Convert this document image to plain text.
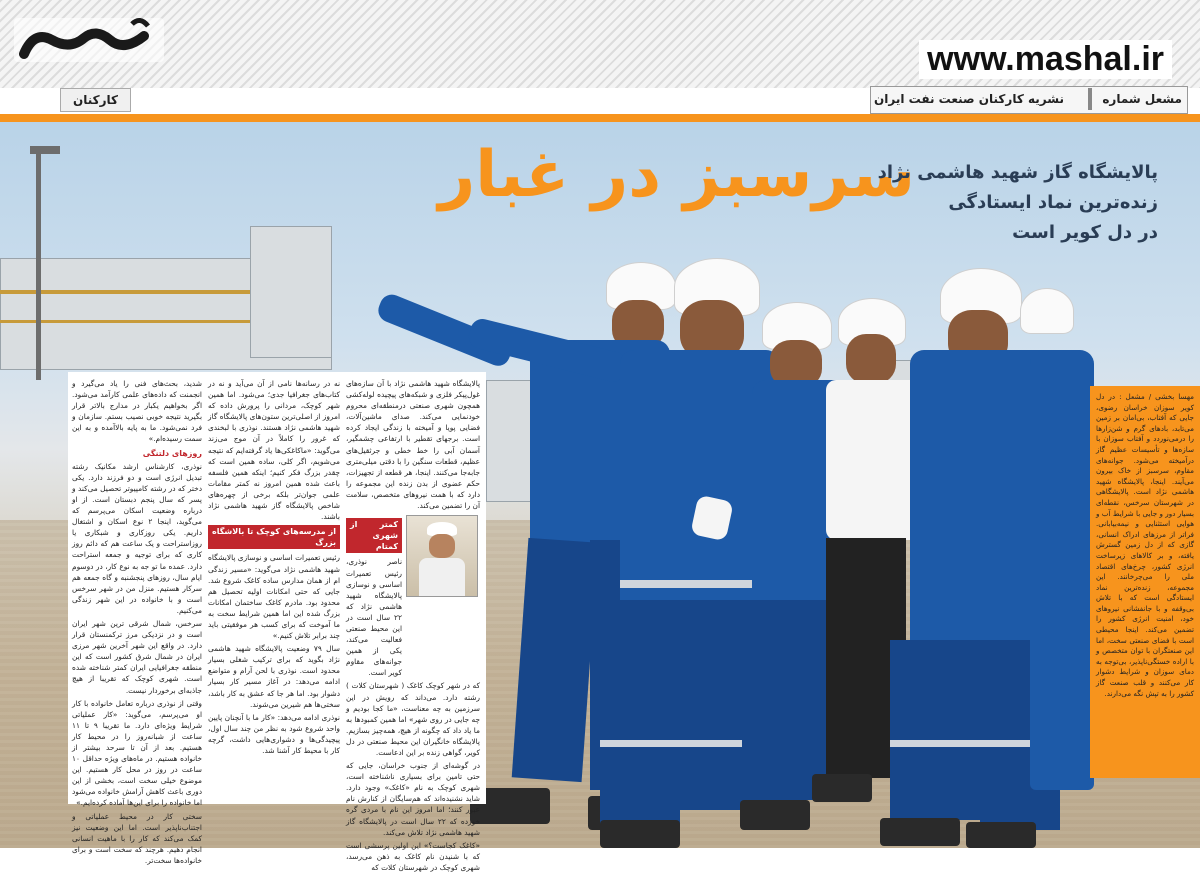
www.mashal.ir
کارکنان	نشریه کارکنان صنعت نفت ایران	مشعل شماره
سرسبز در غبار
پالایشگاه گاز شهید هاشمی نژاد
زنده‌ترین نماد ایستادگی
در دل کویر است

پالایشگاه شهید هاشمی نژاد با آن سازه‌های غول‌پیکر فلزی و شبکه‌های پیچیده لوله‌کشی همچون شهری صنعتی درمنطقه‌ای محروم خودنمایی می‌کند. صدای ماشین‌آلات، فضایی پویا و آمیخته با زندگی ایجاد کرده است. برجهای تقطیر با ارتفاعی چشمگیر، آسمان آبی را خط خطی و جرثقیل‌های عظیم، قطعات سنگین را با دقتی میلی‌متری جابه‌جا می‌کنند. اینجا، هر قطعه از تجهیزات، حکم عضوی از بدن زنده این مجموعه را دارد که با همت نیروهای متخصص، سلامت آن را تضمین می‌کند.

کمتر از شهری کمتام

ناصر نوذری، رئیس تعمیرات اساسی و نوسازی پالایشگاه شهید هاشمی نژاد که ۲۲ سال است در این محیط صنعتی فعالیت می‌کند، یکی از همین جوانه‌های مقاوم کویر است.

که در شهر کوچک کاغک ( شهرستان کلات ) رشته دارد. می‌داند که رویش در این سرزمین به چه معناست، «ما کجا بودیم و چه جایی در روی شهر» اما همین کمبودها به ما یاد داد که چگونه از هیچ، همه‌چیز بسازیم. پالایشگاه خانگیران این محیط صنعتی در دل کویر، گواهی زنده بر این ادعاست.

در گوشه‌ای از جنوب خراسان، جایی که حتی تامین برای بسیاری ناشناخته است، شهری کوچک به نام «کاغک» وجود دارد. شاید نشنیده‌اند که هم‌سایگان از کنارش نام عبور کنند؛ اما امروز این نام با مردی گره خورده که ۲۲ سال است در پالایشگاه گاز شهید هاشمی نژاد تلاش می‌کند.

«کاغک کجاست؟» این اولین پرسشی است که با شنیدن نام کاغک به ذهن می‌رسد، شهری کوچک در شهرستان کلات که

نه در رسانه‌ها نامی از آن می‌آید و نه در کتاب‌های جغرافیا جدی؛ می‌شود. اما همین شهر کوچک، مردانی را پرورش داده که امروز از اصلی‌ترین ستون‌های پالایشگاه گاز شهید هاشمی نژاد هستند. نوذری با لبخندی که غرور را کاملاً در آن موج می‌زند می‌گوید: «ماکاغکی‌ها یاد گرفته‌ایم که نتیجه می‌شویم، اگر کلی، ساده همین است که چقدر بزرگ فکر کنیم؛ اینکه همین فلسفه باعث شده همین امروز نه کمتر مقامات علمی جوان‌تر بلکه برخی از چهره‌های شاخص پالایشگاه گاز شهید هاشمی نژاد باشند.

از مدرسه‌های کوچک تا بالاشگاه بزرگ

رئیس تعمیرات اساسی و نوسازی پالایشگاه شهید هاشمی نژاد می‌گوید: «مسیر زندگی ام از همان مدارس ساده کاغک شروع شد. جایی که حتی امکانات اولیه تحصیل هم محدود بود. مادرم کاغک ساختمان امکانات بزرگ شده این اما همین شرایط سخت به ما آموخت که برای کسب هر موفقیتی باید چند برابر تلاش کنیم.»

سال ۷۹ وضعیت پالایشگاه شهید هاشمی نژاد بگوید که برای ترکیب شغلی بسیار محدود است. نوذری با لحن آرام و متواضع ادامه می‌دهد: در آغاز مسیر کار بسیار دشوار بود. اما هر جا که عشق به کار باشد، سختی‌ها هم شیرین می‌شوند.

نوذری ادامه می‌دهد: «کار ما با آنچنان پایین واحد شروع شود به نظر من چند سال اول، پیچیدگی‌ها و دشواری‌هایی داشت، گرچه کار با محیط کار آشنا شد.

شدید، بحث‌های فنی را یاد می‌گیرد و انجمنت که داده‌های علمی کارآمد می‌شود. اگر بخواهیم یکبار در مدارج بالاتر قرار بگیرید نتیجه خوبی نصیب بستم. سازمان و فرد نمی‌شود. ما به پایه بالاآمده و به این سمت رسیده‌ام.»

روزهای دلتنگی

نوذری، کارشناس ارشد مکانیک رشته تبدیل انرژی است و دو فرزند دارد. یکی دختر که در رشته کامپیوتر تحصیل می‌کند و پسر که سال پنجم دبستان است. از او درباره وضعیت اسکان می‌پرسم که می‌گوید، اینجا ۲ نوع اسکان و اشتغال داریم. یکی روزکاری و شبکاری یا روزاستراحت و یک ساعت هم که دائم روز کاری که برای توجیه و جمعه استراحت دارد. عمده ما تو جه به نوع کار، در دوسوم ایام سال، روزهای پنجشنبه و گاه جمعه هم سرکار هستیم. منزل من در شهر سرخس است و با خانواده در این شهر زندگی می‌کنیم.

سرخس، شمال شرقی ترین شهر ایران است و در نزدیکی مرز ترکمنستان قرار دارد. در واقع این شهر آخرین شهر مرزی ایران در شمال شرق کشور است که این منطقه جغرافیایی ایران کمتر شناخته شده است. شهری کوچک که تقریبا از هیچ جاذبه‌ای برخوردار نیست.

وقتی از نوذری درباره تعامل خانواده با کار او می‌پرسم، می‌گوید: «کار عملیاتی شرایط ویژه‌ای دارد. ما تقریبا ۹ تا ۱۱ ساعت از شبانه‌روز را در محیط کار هستیم. بعد از آن تا سرحد بیشتر از خانواده هستیم. در ماه‌های ویژه حداقل ۱۰ ساعت در روز در محل کار هستیم. این موضوع خیلی سخت است، بخشی از این دوری باعث کاهش آرامش خانواده می‌شود اما خانواده را برای این‌ها آماده کرده‌ایم.»

سختی کار در محیط عملیاتی و اجتناب‌ناپذیر است. اما این وضعیت نیز کمک می‌کند که کار را با ماهیت انسانی انجام دهیم. هرچند که سخت است و برای خانواده‌ها سخت‌تر.

مهسا بخشی / مشعل : در دل کویر سوزان خراسان رضوی، جایی که آفتاب، بی‌امان بر زمین می‌تابد، بادهای گرم و شن‌زارها را درمی‌نوردد و آفتاب سوزان با سازه‌ها و تأسیسات عظیم گاز درآمیخته می‌شود. جوانه‌های مقاوم، سرسبز از خاک بیرون می‌آیند. اینجا، پالایشگاه شهید هاشمی نژاد است. پالایشگاهی در شهرستان سرخس، نقطه‌ای بسیار دور و جایی با شرایط آب و هوایی استثنایی و نیمه‌بیابانی. فراتر از مرزهای ادراک انسانی، گازی که از دل زمین گسترش یافته، و بر کالاهای زیرساخت انرژی کشور، چرخ‌های اقتصاد ملی را می‌چرخانند. این مجموعه، زنده‌ترین نماد ایستادگی است که با تلاش بی‌وقفه و با جانفشانی نیروهای خود، امنیت انرژی کشور را تضمین می‌کند. اینجا محیطی است با فضای صنعتی سخت، اما این صنعتگران با توان متخصص و با اراده خستگی‌ناپذیر، بی‌توجه به دمای سوزان و شرایط دشوار کار می‌کنند و قلب صنعت گاز کشور را به تپش نگه می‌دارند.
